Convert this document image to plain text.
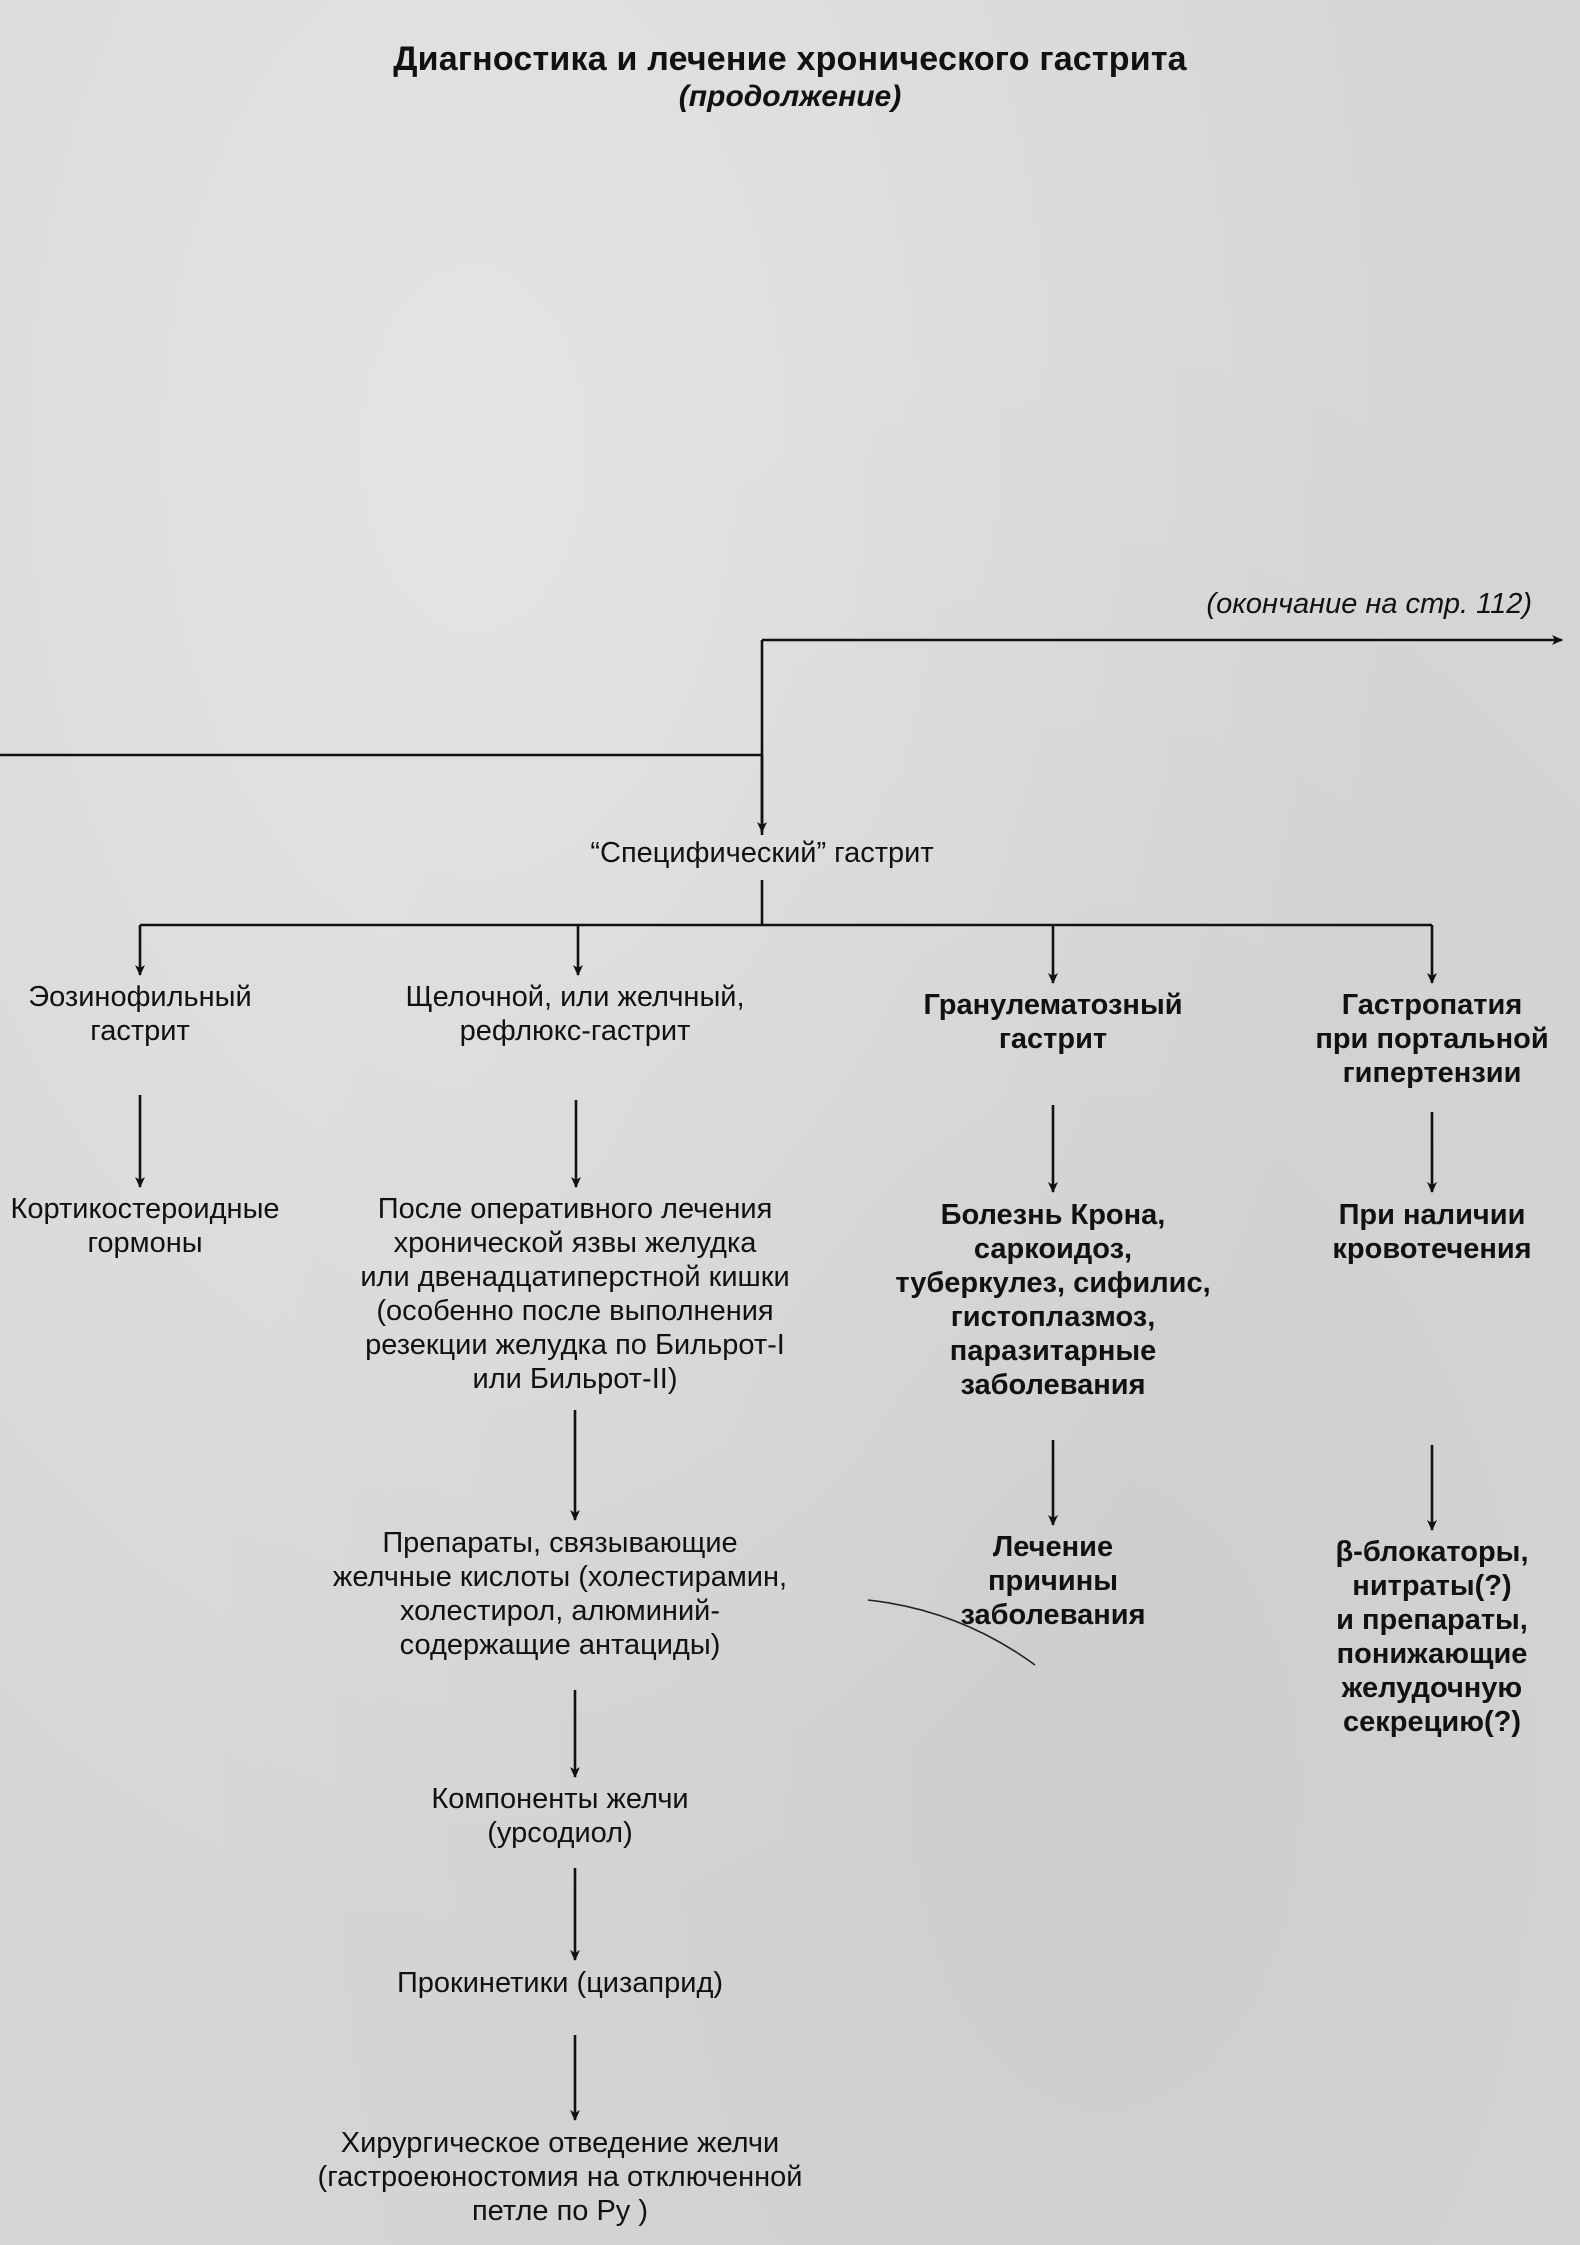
Диагностика и лечение хронического гастрита
(продолжение)
(окончание на стр. 112)
“Специфический” гастрит
Эозинофильный
гастрит
Кортикостероидные
гормоны
Щелочной, или желчный,
рефлюкс-гастрит
После оперативного лечения
хронической язвы желудка
или двенадцатиперстной кишки
(особенно после выполнения
резекции желудка по Бильрот-I
или Бильрот-II)
Препараты, связывающие
желчные кислоты (холестирамин,
холестирол, алюминий-
содержащие антациды)
Компоненты желчи
(урсодиол)
Прокинетики (цизаприд)
Хирургическое отведение желчи
(гастроеюностомия на отключенной
петле по Ру )
Гранулематозный
гастрит
Болезнь Крона,
саркоидоз,
туберкулез, сифилис,
гистоплазмоз,
паразитарные
заболевания
Лечение
причины
заболевания
Гастропатия
при портальной
гипертензии
При наличии
кровотечения
β-блокаторы,
нитраты(?)
и препараты,
понижающие
желудочную
секрецию(?)
